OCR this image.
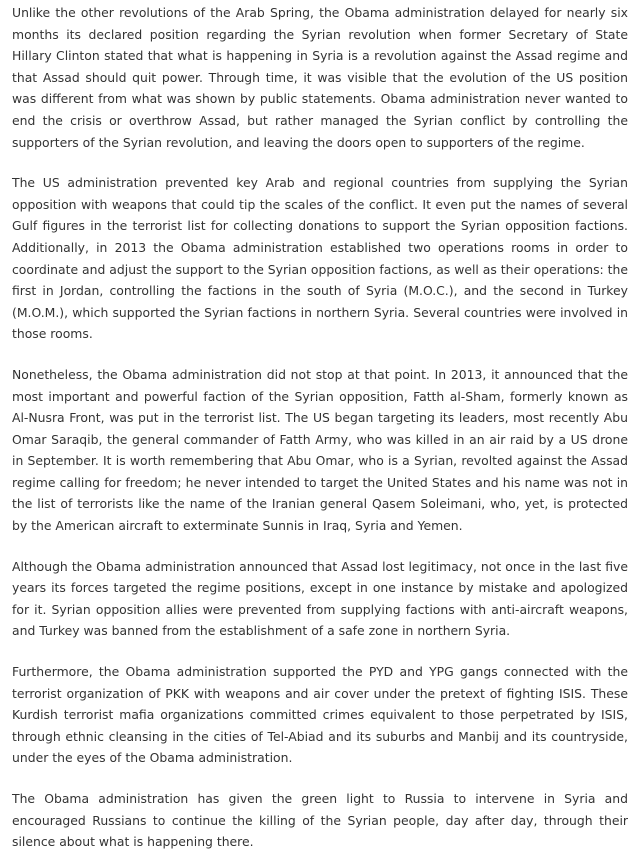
Unlike the other revolutions of the Arab Spring, the Obama administration delayed for nearly six months its declared position regarding the Syrian revolution when former Secretary of State Hillary Clinton stated that what is happening in Syria is a revolution against the Assad regime and that Assad should quit power. Through time, it was visible that the evolution of the US position was different from what was shown by public statements. Obama administration never wanted to end the crisis or overthrow Assad, but rather managed the Syrian conflict by controlling the supporters of the Syrian revolution, and leaving the doors open to supporters of the regime.

The US administration prevented key Arab and regional countries from supplying the Syrian opposition with weapons that could tip the scales of the conflict. It even put the names of several Gulf figures in the terrorist list for collecting donations to support the Syrian opposition factions. Additionally, in 2013 the Obama administration established two operations rooms in order to coordinate and adjust the support to the Syrian opposition factions, as well as their operations: the first in Jordan, controlling the factions in the south of Syria (M.O.C.), and the second in Turkey (M.O.M.), which supported the Syrian factions in northern Syria. Several countries were involved in those rooms.

Nonetheless, the Obama administration did not stop at that point. In 2013, it announced that the most important and powerful faction of the Syrian opposition, Fatth al-Sham, formerly known as Al-Nusra Front, was put in the terrorist list. The US began targeting its leaders, most recently Abu Omar Saraqib, the general commander of Fatth Army, who was killed in an air raid by a US drone in September. It is worth remembering that Abu Omar, who is a Syrian, revolted against the Assad regime calling for freedom; he never intended to target the United States and his name was not in the list of terrorists like the name of the Iranian general Qasem Soleimani, who, yet, is protected by the American aircraft to exterminate Sunnis in Iraq, Syria and Yemen.

Although the Obama administration announced that Assad lost legitimacy, not once in the last five years its forces targeted the regime positions, except in one instance by mistake and apologized for it. Syrian opposition allies were prevented from supplying factions with anti-aircraft weapons, and Turkey was banned from the establishment of a safe zone in northern Syria.

Furthermore, the Obama administration supported the PYD and YPG gangs connected with the terrorist organization of PKK with weapons and air cover under the pretext of fighting ISIS. These Kurdish terrorist mafia organizations committed crimes equivalent to those perpetrated by ISIS, through ethnic cleansing in the cities of Tel-Abiad and its suburbs and Manbij and its countryside, under the eyes of the Obama administration.

The Obama administration has given the green light to Russia to intervene in Syria and encouraged Russians to continue the killing of the Syrian people, day after day, through their silence about what is happening there.
